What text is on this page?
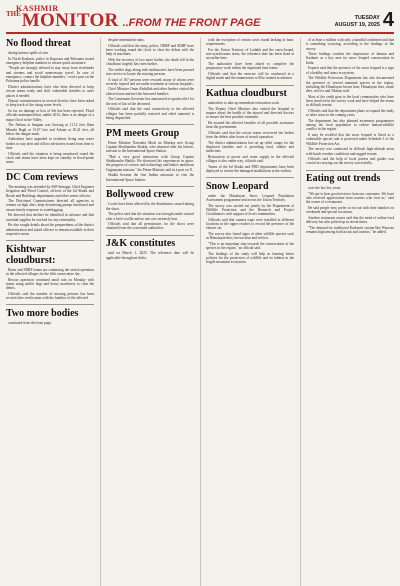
THE
KASHMIR
MONITOR ..FROM THE FRONT PAGE	TUESDAY
AUGUST 19, 2025 4
No flood threat

during intense spells of rain.

In North Kashmir, police in Kupwara and Pulwama issued emergency helpline numbers to ensure quick assistance.

"People are strongly advised to stay away from riverbanks and streams and avoid unnecessary travel. In case of emergency, contact the helpline numbers," read a post on the Pulwama police handle.

District administrations have also been directed to keep rescue teams ready and shift vulnerable families to safer places if needed.

Deputy commissioners in several districts have been asked to keep track of the rising water levels.

So far, no damage or loss of life has been reported. Flood officials maintained that, unlike 2014, there is no danger of a major flood in the Valley.

The Jhelum at Sangam was flowing at 11.12 feet, Ram Munshi Bagh at 13.67 feet and Asham at 10.41 feet, all below the danger mark.

Authorities have appealed to residents living near water bodies to stay alert and follow advisories issued from time to time.

Officials said the situation is being monitored round the clock and teams have been kept on standby in flood-prone areas.

DC Com reviews

The meeting was attended by SSP Srinagar, Chief Engineer Irrigation and Flood Control, officers of the Jal Shakti and Roads and Buildings departments and other senior officers.

The Divisional Commissioner directed all agencies to remain on high alert, keep dewatering pumps functional and ensure timely response to waterlogging.

He directed that shelters be identified in advance and that essential supplies be stocked for any eventuality.

He also sought details about the preparedness of the district administration and asked officers to remain available in their respective areas.

Kishtwar cloudburst:

Rains and SDRF teams are continuing the search operation in the affected villages for the fifth consecutive day.

Rescue operation continued amid rain on Monday with teams using sniffer dogs and heavy machinery to clear the debris.

Officials said the number of missing persons has been revised after verification with the families of the affected.

Two more bodies

continued from the front page.

despite intermittent rains.

Officials said that the army, police, NDRF and SDRF have been working round the clock to clear the debris with the help of machines.

With the recovery of two more bodies, the death toll in the cloudburst tragedy has risen further.

The sniffer dogs along with earthmovers have been pressed into service to locate the missing persons.

A total of 167 persons were rescued, many of whom were severely injured and are under treatment at various hospitals.

Chief Minister Omar Abdullah and other leaders visited the affected area and met the bereaved families.

The Lieutenant Governor has announced ex-gratia relief for the next of kin of the deceased.

Officials said that the road connectivity to the affected villages has been partially restored and relief material is being dispatched.

PM meets Group

Prime Minister Narendra Modi on Monday met Group Captain Shubhanshu Shukla, who returned after his historic mission to the International Space Station.

"Had a very good interaction with Group Captain Shubhanshu Shukla. We discussed his experiences in space, the progress of science and technology and India's ambitious Gaganyaan mission," the Prime Minister said in a post on X.

Shukla became the first Indian astronaut to visit the International Space Station.

Bollywood crew

Locals have been affected by the disturbance caused during the shoot.

The police said that the situation was brought under control after a brief scuffle and no one was seriously hurt.

Officials said that all permissions for the shoot were obtained from the concerned authorities.

J&K constitutes

said on March 1, 2025. The reference date will be applicable throughout India.

with the exception of certain cases found lacking in basic requirements.

For the Union Territory of Ladakh and the snow-bound, non-synchronous areas, the reference date has been fixed at an earlier time.

The authorities have been asked to complete the preparatory work within the stipulated time frame.

Officials said that the exercise will be conducted in a digital mode and the enumerators will be trained in advance.

Kathua cloudburst

authorities to take up immediate restoration work.

The Deputy Chief Minister also visited the hospital to inquire about the health of the injured and directed doctors to ensure the best possible treatment.

He assured the affected families of all possible assistance from the government.

Officials said that the rescue teams recovered the bodies from the debris after hours of search operation.

The district administration has set up relief camps for the displaced families and is providing food, shelter and medicines.

Restoration of power and water supply in the affected villages is also under way, officials said.

Teams of the Jal Shakti and PDD departments have been deployed to restore the damaged installations at the earliest.

Snow Leopard

under the Himalayan Snow Leopard Population Assessment programme and across the Union Territory.

The survey was carried out jointly by the Department of Wildlife Protection and the Research and Project Coordinators with support of local communities.

Officials said that camera traps were installed at different locations in the upper reaches to record the presence of the elusive cat.

The survey also found signs of other wildlife species such as Himalayan ibex, brown bear and red fox.

"This is an important step towards the conservation of the species in the region," an official said.

The findings of the study will help in framing better policies for the protection of wildlife and its habitat in the fragile mountain ecosystem.

of at least a million with only a handful confirmed and that is something worrying, according to the findings of the survey.

These findings confirm the importance of Jammu and Kashmir as a key area for snow leopard conservation in India.

Experts said that the presence of the snow leopard is a sign of a healthy and intact ecosystem.

The Wildlife Protection Department has also documented the presence of several mammal species in the region, including the Himalayan brown bear, Himalayan ibex, musk deer, red fox and Tibetan wolf.

Most of the credit goes to the local communities who have been involved in the survey work and have helped the teams in difficult terrain.

Officials said that the department plans to expand the study to other areas in the coming years.

The department has also planned awareness programmes among the local population to reduce human-wildlife conflict in the region.

It may be recalled that the snow leopard is listed as a vulnerable species and is protected under Schedule I of the Wildlife Protection Act.

The survey was conducted in difficult high-altitude areas with harsh weather conditions and rugged terrain.

Officials said the help of local porters and guides was crucial in carrying out the survey successfully.

Eating out trends

over the last few years.

"We get to hear good reviews from our customers. We have also received appreciation from tourists who visit us," said the owner of a restaurant.

He said people now prefer to eat out with their families on weekends and special occasions.

Another restaurant owner said that the trend of online food delivery has also picked up in recent times.

"The demand for traditional Kashmiri cuisine like Wazwan remains high among both locals and tourists," he added.
